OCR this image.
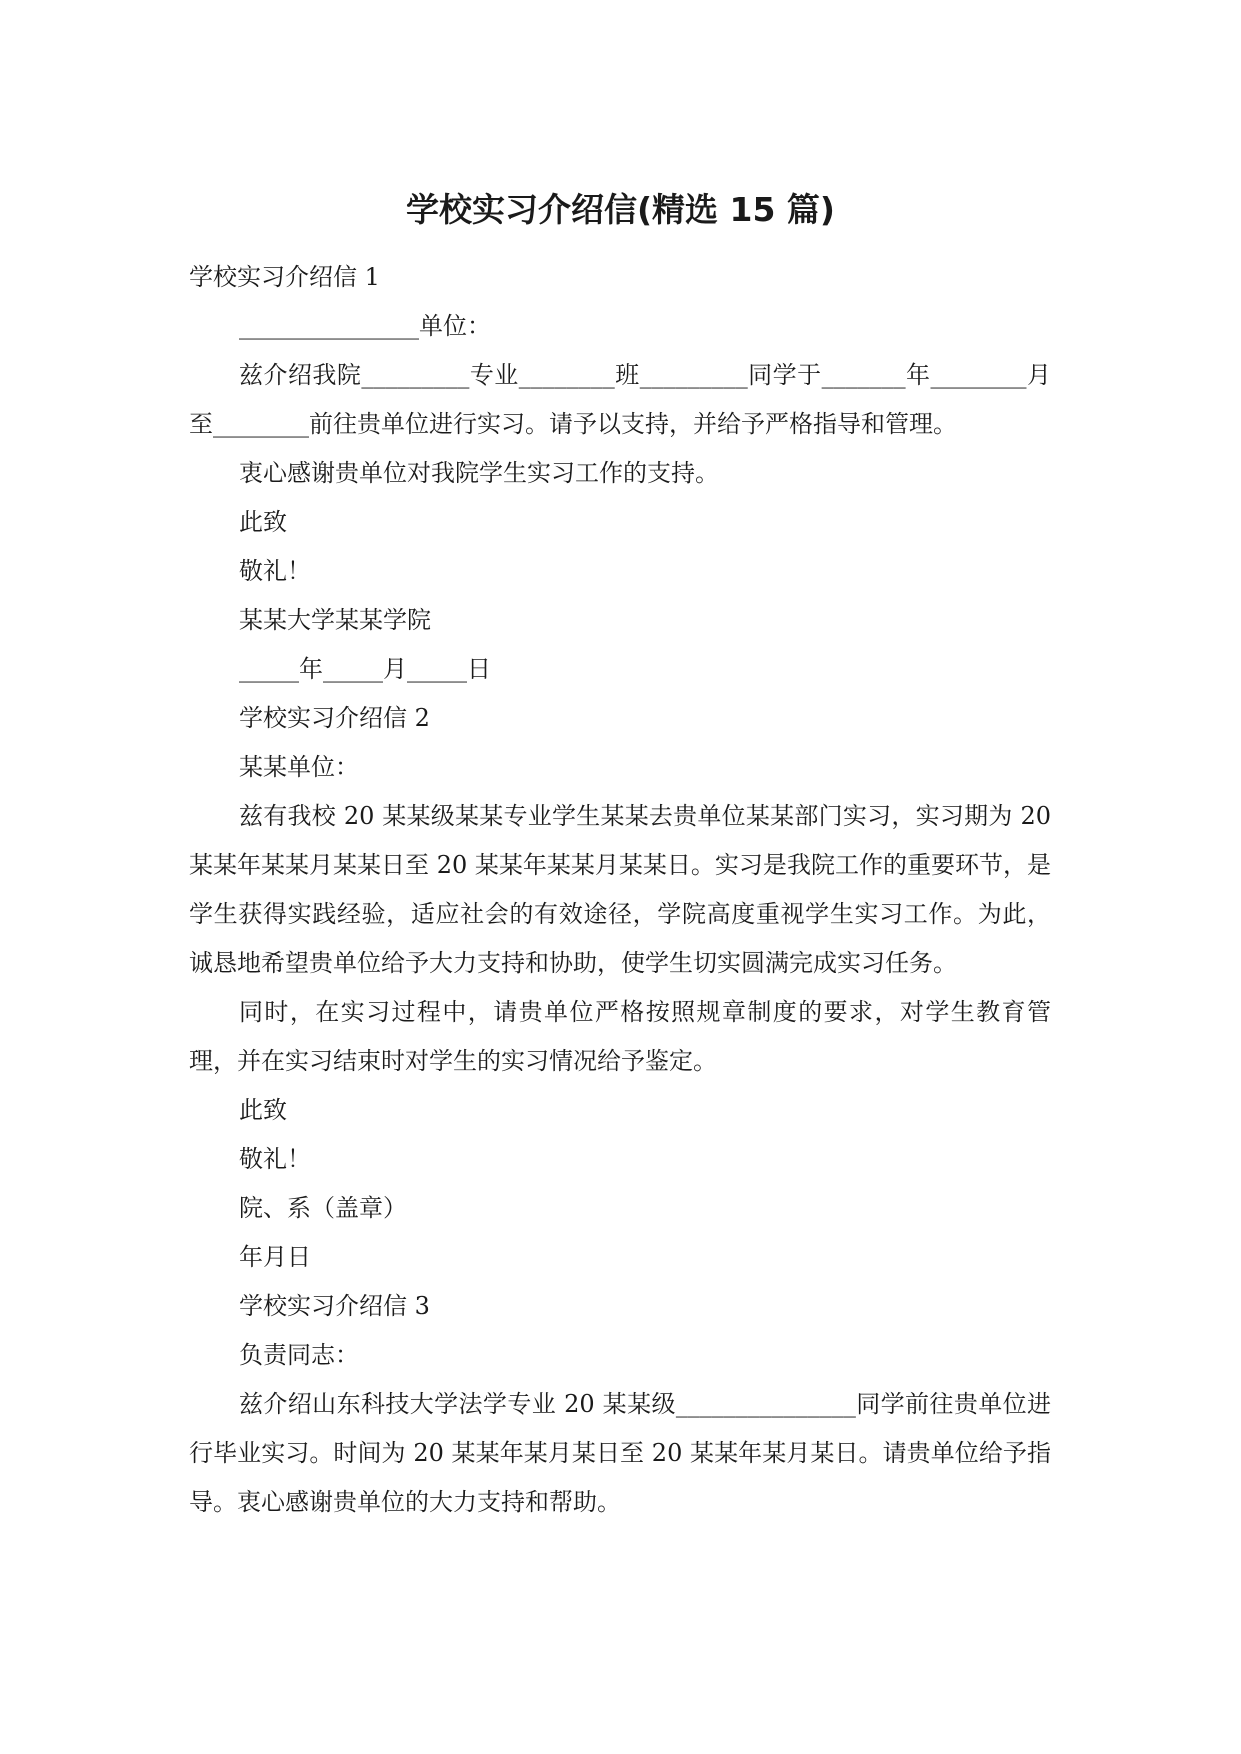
学校实习介绍信(精选 15 篇)

学校实习介绍信 1

_______________单位：

兹介绍我院_________专业________班_________同学于_______年________月至________前往贵单位进行实习。请予以支持，并给予严格指导和管理。

衷心感谢贵单位对我院学生实习工作的支持。

此致

敬礼！

某某大学某某学院

_____年_____月_____日

学校实习介绍信 2

某某单位：

兹有我校 20 某某级某某专业学生某某去贵单位某某部门实习，实习期为 20 某某年某某月某某日至 20 某某年某某月某某日。实习是我院工作的重要环节，是学生获得实践经验，适应社会的有效途径，学院高度重视学生实习工作。为此，诚恳地希望贵单位给予大力支持和协助，使学生切实圆满完成实习任务。

同时，在实习过程中，请贵单位严格按照规章制度的要求，对学生教育管理，并在实习结束时对学生的实习情况给予鉴定。

此致

敬礼！

院、系（盖章）

年月日

学校实习介绍信 3

负责同志：

兹介绍山东科技大学法学专业 20 某某级_______________同学前往贵单位进行毕业实习。时间为 20 某某年某月某日至 20 某某年某月某日。请贵单位给予指导。衷心感谢贵单位的大力支持和帮助。
